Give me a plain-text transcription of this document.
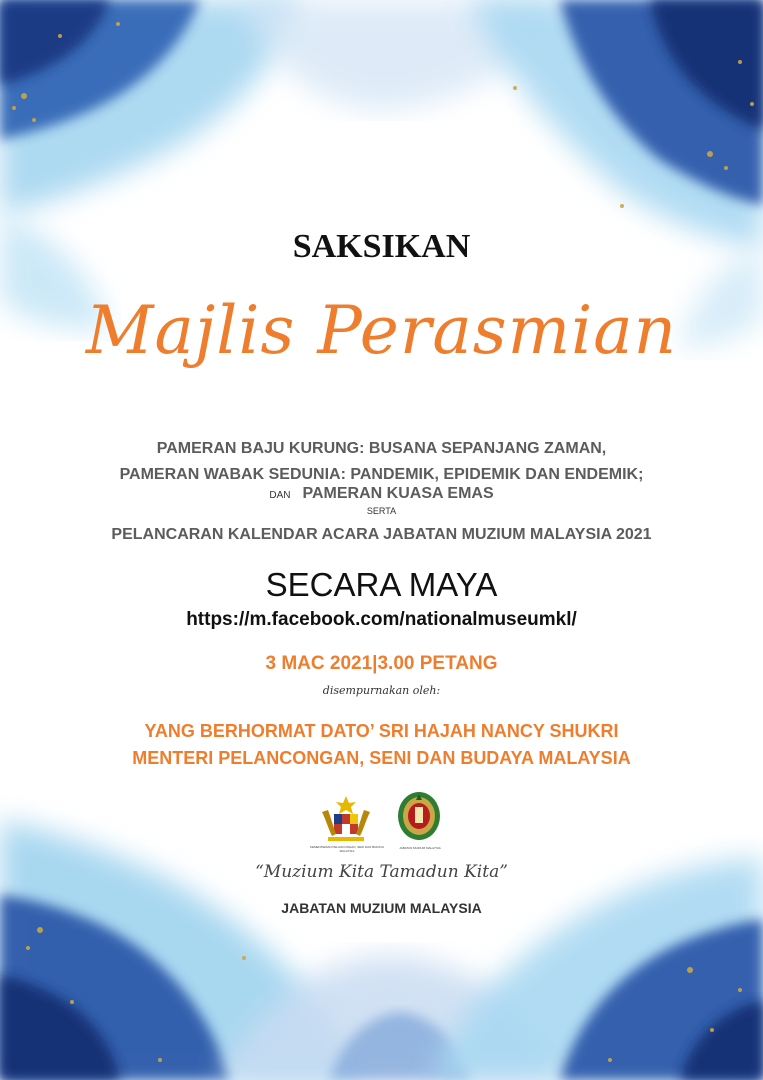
SAKSIKAN
Majlis Perasmian
PAMERAN BAJU KURUNG: BUSANA SEPANJANG ZAMAN,
PAMERAN WABAK SEDUNIA: PANDEMIK, EPIDEMIK DAN ENDEMIK;
DAN PAMERAN KUASA EMAS
SERTA
PELANCARAN KALENDAR ACARA JABATAN MUZIUM MALAYSIA 2021
SECARA MAYA
https://m.facebook.com/nationalmuseumkl/
3 MAC 2021|3.00 PETANG
disempurnakan oleh:
YANG BERHORMAT DATO’ SRI HAJAH NANCY SHUKRI
MENTERI PELANCONGAN, SENI DAN BUDAYA MALAYSIA
KEMENTERIAN PELANCONGAN, SENI DAN BUDAYA MALAYSIA
JABATAN MUZIUM MALAYSIA
“Muzium Kita Tamadun Kita”
JABATAN MUZIUM MALAYSIA
